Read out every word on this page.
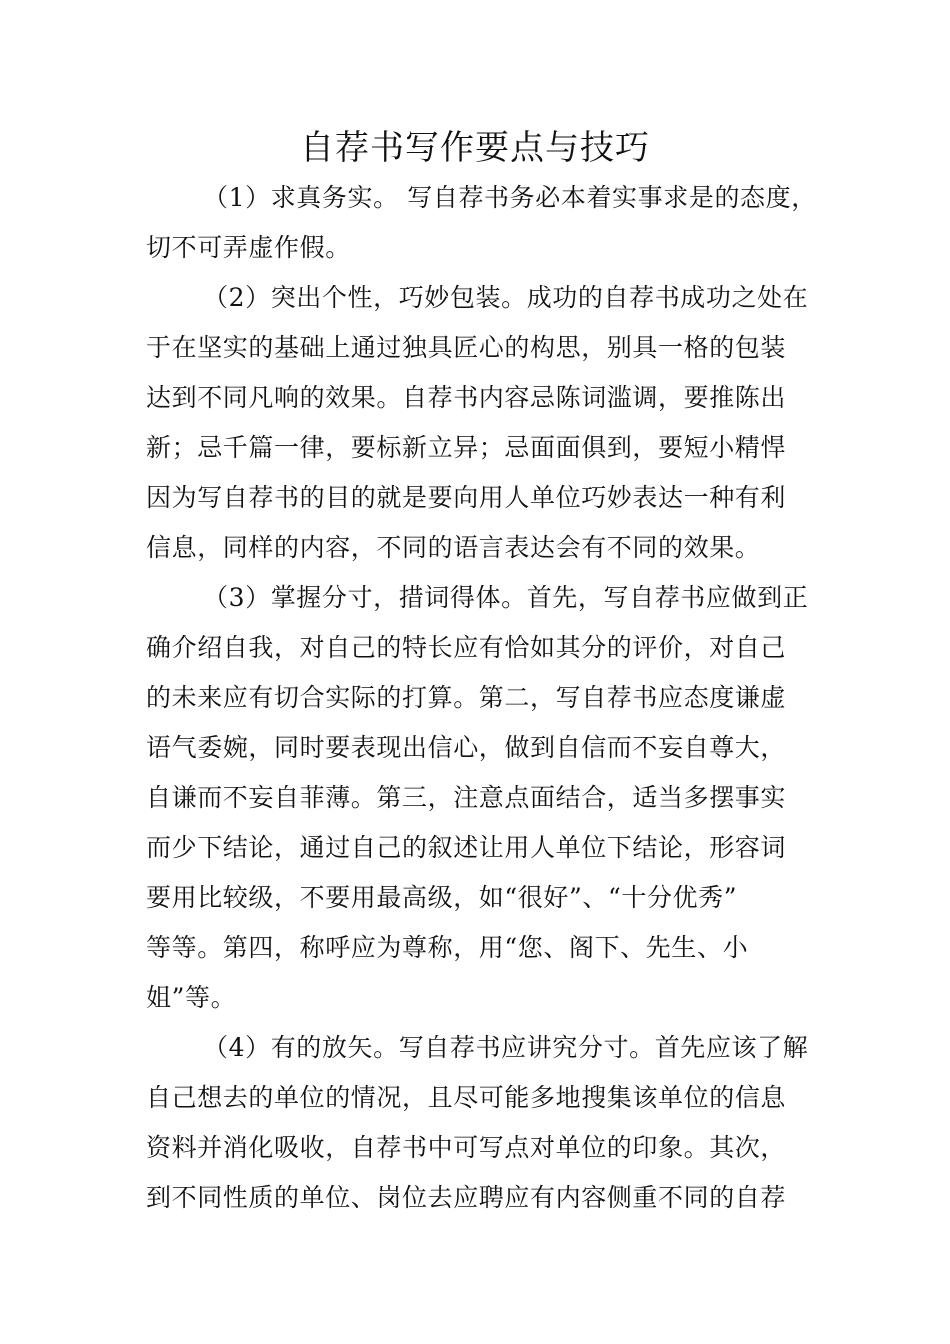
自荐书写作要点与技巧
（1）求真务实。 写自荐书务必本着实事求是的态度，
切不可弄虚作假。
（2）突出个性，巧妙包装。成功的自荐书成功之处在
于在坚实的基础上通过独具匠心的构思，别具一格的包装
达到不同凡响的效果。自荐书内容忌陈词滥调，要推陈出
新；忌千篇一律，要标新立异；忌面面俱到，要短小精悍
因为写自荐书的目的就是要向用人单位巧妙表达一种有利
信息，同样的内容，不同的语言表达会有不同的效果。
（3）掌握分寸，措词得体。首先，写自荐书应做到正
确介绍自我，对自己的特长应有恰如其分的评价，对自己
的未来应有切合实际的打算。第二，写自荐书应态度谦虚
语气委婉，同时要表现出信心，做到自信而不妄自尊大，
自谦而不妄自菲薄。第三，注意点面结合，适当多摆事实
而少下结论，通过自己的叙述让用人单位下结论，形容词
要用比较级，不要用最高级，如“很好”、“十分优秀”
等等。第四，称呼应为尊称，用“您、阁下、先生、小
姐”等。
（4）有的放矢。写自荐书应讲究分寸。首先应该了解
自己想去的单位的情况，且尽可能多地搜集该单位的信息
资料并消化吸收，自荐书中可写点对单位的印象。其次，
到不同性质的单位、岗位去应聘应有内容侧重不同的自荐
